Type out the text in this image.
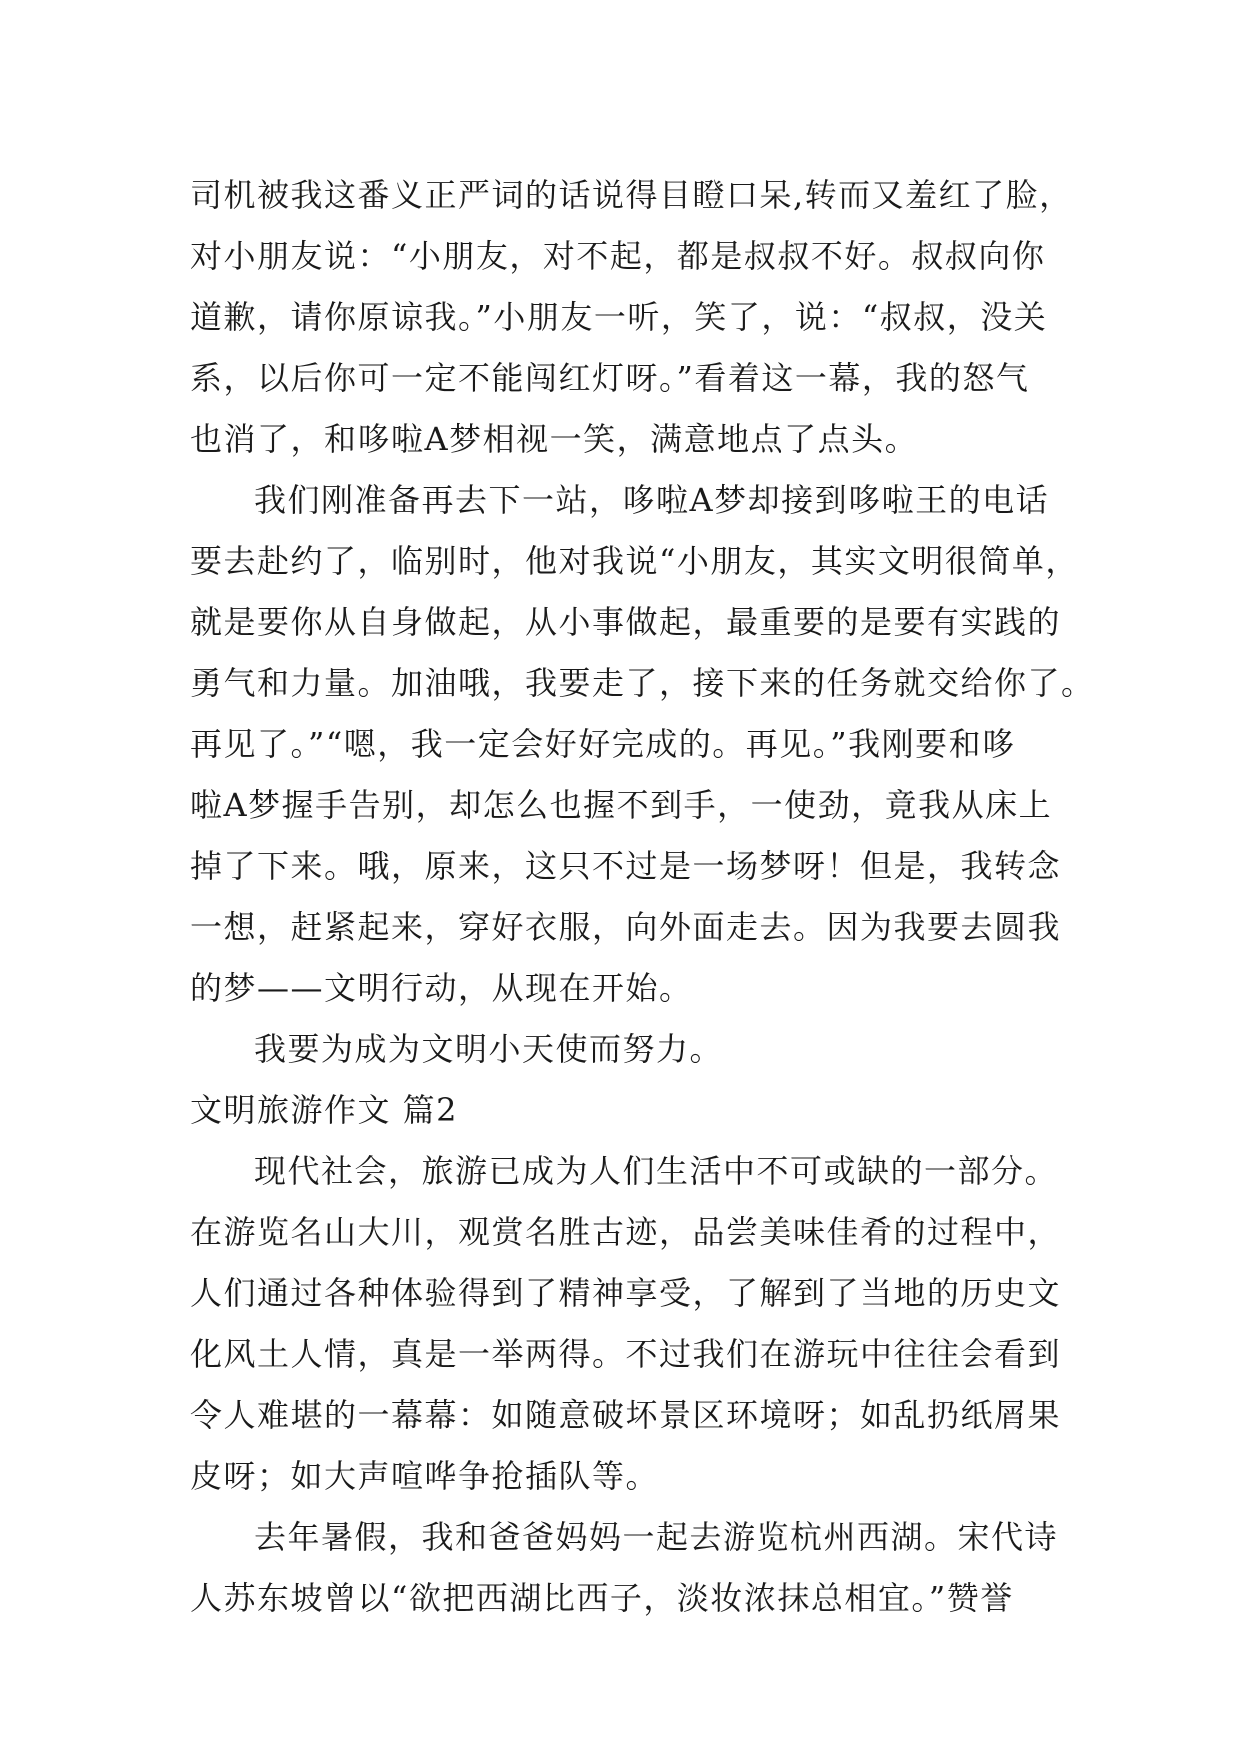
司机被我这番义正严词的话说得目瞪口呆,转而又羞红了脸，
对小朋友说：“小朋友，对不起，都是叔叔不好。叔叔向你
道歉，请你原谅我。”小朋友一听，笑了，说：“叔叔，没关
系，以后你可一定不能闯红灯呀。”看着这一幕，我的怒气
也消了，和哆啦A梦相视一笑，满意地点了点头。
我们刚准备再去下一站，哆啦A梦却接到哆啦王的电话
要去赴约了，临别时，他对我说“小朋友，其实文明很简单，
就是要你从自身做起，从小事做起，最重要的是要有实践的
勇气和力量。加油哦，我要走了，接下来的任务就交给你了。
再见了。”“嗯，我一定会好好完成的。再见。”我刚要和哆
啦A梦握手告别，却怎么也握不到手，一使劲，竟我从床上
掉了下来。哦，原来，这只不过是一场梦呀！但是，我转念
一想，赶紧起来，穿好衣服，向外面走去。因为我要去圆我
的梦——文明行动，从现在开始。
我要为成为文明小天使而努力。
文明旅游作文 篇2
现代社会，旅游已成为人们生活中不可或缺的一部分。
在游览名山大川，观赏名胜古迹，品尝美味佳肴的过程中，
人们通过各种体验得到了精神享受，了解到了当地的历史文
化风土人情，真是一举两得。不过我们在游玩中往往会看到
令人难堪的一幕幕：如随意破坏景区环境呀；如乱扔纸屑果
皮呀；如大声喧哗争抢插队等。
去年暑假，我和爸爸妈妈一起去游览杭州西湖。宋代诗
人苏东坡曾以“欲把西湖比西子，淡妆浓抹总相宜。”赞誉
